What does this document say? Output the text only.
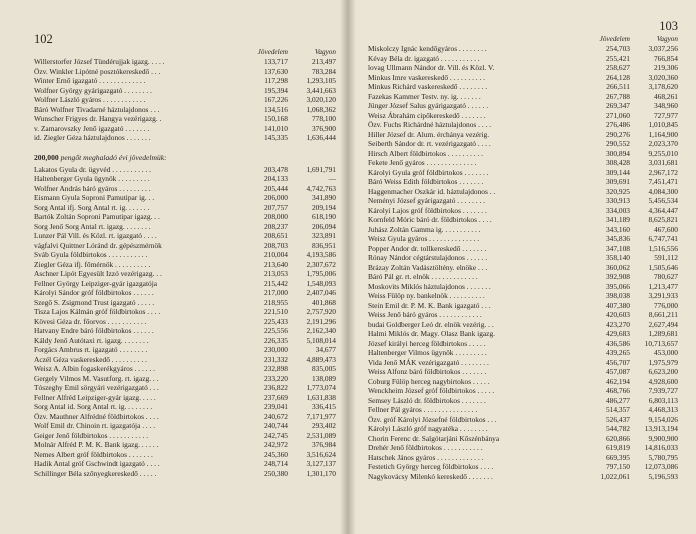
102
Jövedelem	Vagyon
Willerstorfer József Tündérujjak igazg. . . . .	133,717	213,497
Özv. Winkler Lipótné posztókereskedő . . .	137,630	783,284
Winter Ernő igazgató . . . . . . . . . . . . .	117,298	1,293,105
Wolfner György gyárigazgató . . . . . . . .	195,394	3,441,663
Wolfner László gyáros . . . . . . . . . . . .	167,226	3,020,120
Báró Wolfner Tivadarné háztulajdonos . . .	134,516	1,068,362
Wunscher Frigyes dr. Hangya vezérigazg. .	150,168	778,100
v. Zamarovszky Jenő igazgató . . . . . . .	141,010	376,900
id. Ziegler Géza háztulajdonos . . . . . . .	145,335	1,636,444
200,000 pengőt meghaladó évi jövedelmük:
Lakatos Gyula dr. ügyvéd . . . . . . . . . . .	203,478	1,691,791
Haltenberger Gyula ügynök . . . . . . . . .	204,133	—
Wolfner András báró gyáros . . . . . . . . .	205,444	4,742,763
Eismann Gyula Soproni Pamutipar ig. . .	206,000	341,890
Sorg Antal ifj. Sorg Antal rt. ig. . . . . . .	207,757	209,194
Bartók Zoltán Soproni Pamutipar igazg. . .	208,000	618,190
Sorg Jenő Sorg Antal rt. igazg. . . . . . . .	208,237	206,094
Lunzer Pál Vill. és Közl. rt. igazgató . . . .	208,651	323,891
vágfalvi Quittner Lóránd dr. gépészmérnök	208,703	836,951
Sváb Gyula földbirtokos . . . . . . . . . . .	210,004	4,193,586
Ziegler Géza ifj. főmérnök . . . . . . . . . .	213,640	2,307,672
Aschner Lipót Egyesült Izzó vezérigazg. . .	213,053	1,795,006
Fellner György Leipziger-gyár igazgatója	215,442	1,548,093
Károlyi Sándor gróf földbirtokos . . . . . .	217,000	2,407,046
Szegő S. Zsigmond Trust igazgató . . . . .	218,955	401,868
Tisza Lajos Kálmán gróf földbirtokos . . . .	221,510	2,757,920
Kövesi Géza dr. főorvos . . . . . . . . . . .	225,433	2,191,296
Hatvany Endre báró földbirtokos . . . . . .	225,556	2,162,340
Káldy Jenő Autótaxi rt. igazg. . . . . . . .	226,335	5,108,014
Forgács Ambrus rt. igazgató . . . . . . . .	230,000	34,677
Aczél Géza vaskereskedő . . . . . . . . . .	231,332	4,889,473
Weisz A. Albin fogaskerékgyáros . . . . . .	232,898	835,005
Gergely Vilmos M. Vasutforg. rt. igazg. . .	233,220	138,089
Tószeghy Emil sörgyári vezérigazgató . . .	236,822	1,773,074
Fellner Alfréd Leipziger-gyár igazg. . . . .	237,669	1,631,838
Sorg Antal id. Sorg Antal rt. ig. . . . . . . .	239,041	336,415
Özv. Mauthner Alfrédné földbirtokos . . . .	240,672	7,171,977
Wolf Emil dr. Chinoin rt. igazgatója . . . .	240,744	293,402
Geiger Jenő földbirtokos . . . . . . . . . . .	242,745	2,531,089
Molnár Alfréd P. M. K. Bank igazg. . . . . .	242,972	376,984
Nemes Albert gróf földbirtokos . . . . . . .	245,360	3,516,624
Hadik Antal gróf Gschwindt igazgató . . . .	248,714	3,127,137
Schillinger Béla szőnyegkereskedő . . . . .	250,380	1,301,170
103
Jövedelem	Vagyon
Miskolczy Ignác kendőgyáros . . . . . . . .	254,703	3,037,256
Kévay Béla dr. igazgató . . . . . . . . . . .	255,421	766,854
lovag Ullmann Nándor dr. Vill. és Közl. V.	258,627	219,306
Minkus Imre vaskereskedő . . . . . . . . . .	264,128	3,020,360
Minkus Richárd vaskereskedő . . . . . . . .	266,511	3,178,620
Fazekas Kammer Testv. ny. ig. . . . . . .	267,788	468,261
Jünger József Salus gyárigazgató . . . . . .	269,347	348,960
Weisz Ábrahám cipőkereskedő . . . . . . .	271,060	727,977
Özv. Fuchs Richárdné háztulajdonos . . . .	276,486	1,010,845
Hiller József dr. Alum. érchánya vezérig.	290,276	1,164,900
Seiberth Sándor dr. rt. vezérigazgató . . . .	290,552	2,023,370
Hirsch Albert földbirtokos . . . . . . . . . .	300,894	9,255,010
Fekete Jenő gyáros . . . . . . . . . . . . . .	308,428	3,031,681
Károlyi Gyula gróf földbirtokos . . . . . . .	309,144	2,967,172
Báró Weiss Edith földbirtokos . . . . . . .	309,691	7,451,471
Haggenmacher Oszkár id. háztulajdonos . .	320,925	4,084,300
Neményi József gyárigazgató . . . . . . . .	330,913	5,456,534
Károlyi Lajos gróf földbirtokos . . . . . . .	334,003	4,364,447
Kornfeld Móric báró dr. földbirtokos . . . .	341,189	8,625,821
Juhász Zoltán Gamma ig. . . . . . . . . . .	343,160	467,600
Weisz Gyula gyáros . . . . . . . . . . . . . .	345,836	6,747,741
Popper Andor dr. tollkereskedő . . . . . . .	347,108	1,516,556
Rónay Nándor cégtárstulajdonos . . . . . .	358,140	591,112
Brázay Zoltán Vadásztöltény. elnöke . . .	360,062	1,505,646
Báró Pál gr. rt. elnök . . . . . . . . . . . . .	392,908	780,627
Moskovits Miklós háztulajdonos . . . . . . .	395,066	1,213,477
Weiss Fülöp ny. bankelnök . . . . . . . . . .	398,038	3,291,933
Stein Emil dr. P. M. K. Bank igazgató . . .	407,380	776,000
Weiss Jenő báró gyáros . . . . . . . . . . . .	420,603	8,661,211
budai Goldberger Leó dr. elnök vezérig. . .	423,270	2,627,494
Halmi Miklós dr. Magy. Olasz Bank igazg.	429,683	1,289,681
József királyi herceg földbirtokos . . . . .	436,586	10,713,657
Haltenberger Vilmos ügynök . . . . . . . . .	439,265	453,000
Vida Jenő MÁK vezérigazgató . . . . . . . .	456,707	1,975,979
Weiss Alfonz báró földbirtokos . . . . . . .	457,087	6,623,200
Coburg Fülöp herceg nagybirtokos . . . . .	462,194	4,928,600
Wenckheim József gróf földbirtokos . . . . .	468,766	7,939,727
Semsey László dr. földbirtokos . . . . . . .	486,277	6,803,113
Fellner Pál gyáros . . . . . . . . . . . . . . .	514,357	4,468,313
Özv. gróf Károlyi Józsefné földbirtokos . . .	526,437	9,154,026
Károlyi László gróf nagyatéka . . . . . . . .	544,782	13,913,194
Chorin Ferenc dr. Salgótarjáni Kőszénbánya	620,866	9,900,900
Drehér Jenő földbirtokos . . . . . . . . . . .	619,819	14,816,033
Hatschek János gyáros . . . . . . . . . . . . .	669,395	5,780,795
Festetich György herceg földbirtokos . . . .	797,150	12,073,086
Nagykovácsy Milenkó kereskedő . . . . . . .	1,022,061	5,196,593
